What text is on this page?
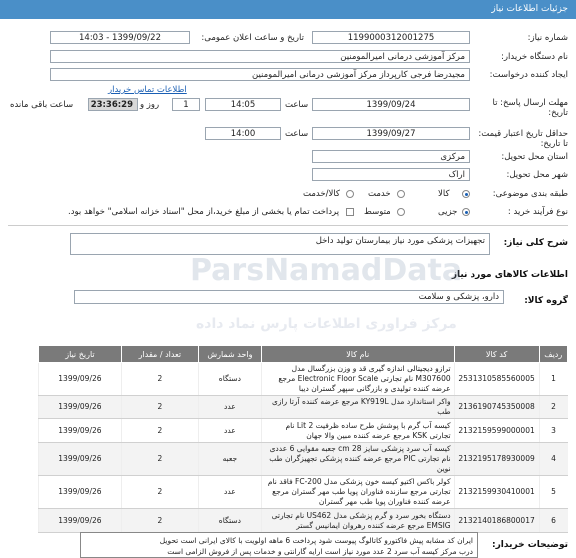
جزئیات اطلاعات نیاز
شماره نیاز:
1199000312001275
تاریخ و ساعت اعلان عمومی:
1399/09/22 - 14:03
نام دستگاه خریدار:
مرکز آموزشی درمانی امیرالمومنین
ایجاد کننده درخواست:
مجیدرضا فرجی کارپرداز مرکز آموزشی درمانی امیرالمومنین
اطلاعات تماس خریدار
مهلت ارسال پاسخ: تا تاریخ:
1399/09/24
ساعت
14:05
1
روز و
23:36:29
ساعت باقی مانده
حداقل تاریخ اعتبار قیمت: تا تاریخ:
1399/09/27
ساعت
14:00
استان محل تحویل:
مرکزی
شهر محل تحویل:
اراک
طبقه بندی موضوعی:
کالا
خدمت
کالا/خدمت
نوع فرآیند خرید :
جزیی
متوسط
پرداخت تمام یا بخشی از مبلغ خرید،از محل "اسناد خزانه اسلامی" خواهد بود.
شرح کلی نیاز:
تجهیزات پزشکی مورد نیاز بیمارستان تولید داخل
اطلاعات کالاهای مورد نیاز
گروه کالا:
دارو، پزشکی و سلامت
ParsNamadData
مرکز فراوری اطلاعات پارس نماد داده
ردیف	کد کالا	نام کالا	واحد شمارش	تعداد / مقدار	تاریخ نیاز
1	2531310585560005	ترازو دیجیتالی اندازه گیری قد و وزن بزرگسال مدل M307600 نام تجارتی Electronic Floor Scale مرجع عرضه کننده تولیدی و بازرگانی سپهر گستران دیبا	دستگاه	2	1399/09/26
2	2136190745350008	واکر استاندارد مدل KY919L مرجع عرضه کننده آرتا رازی طب	عدد	2	1399/09/26
3	2132159599000001	کیسه آب گرم با پوشش طرح ساده ظرفیت 2 Lit نام تجارتی KSK مرجع عرضه کننده مبین والا جهان	عدد	2	1399/09/26
4	2132195178930009	کیسه آب سرد پزشکی سایز 28 cm جعبه مقوایی 6 عددی نام تجارتی PIC مرجع عرضه کننده پزشکی تجهیزگران طب نوین	جعبه	2	1399/09/26
5	2132159930410001	کولر باکس اکتیو کیسه خون پزشکی مدل FC-200 فاقد نام تجارتی مرجع سازنده فناوران پویا طب مهر گستران مرجع عرضه کننده فناوران پویا طب مهر گستران	عدد	2	1399/09/26
6	2132140186800017	دستگاه بخور سرد و گرم پزشکی مدل US462 نام تجارتی EMSIG مرجع عرضه کننده رهروان ایمانیس گستر	دستگاه	2	1399/09/26
توضیحات خریدار:
ایران کد مشابه پیش فاکتورو کاتالوگ پیوست شود پرداخت 6 ماهه اولویت با کالای ایرانی است تحویل
درب مرکز کیسه آب سرد 2 عدد مورد نیاز است ارایه گارانتی و خدمات پس از فروش الزامی است
